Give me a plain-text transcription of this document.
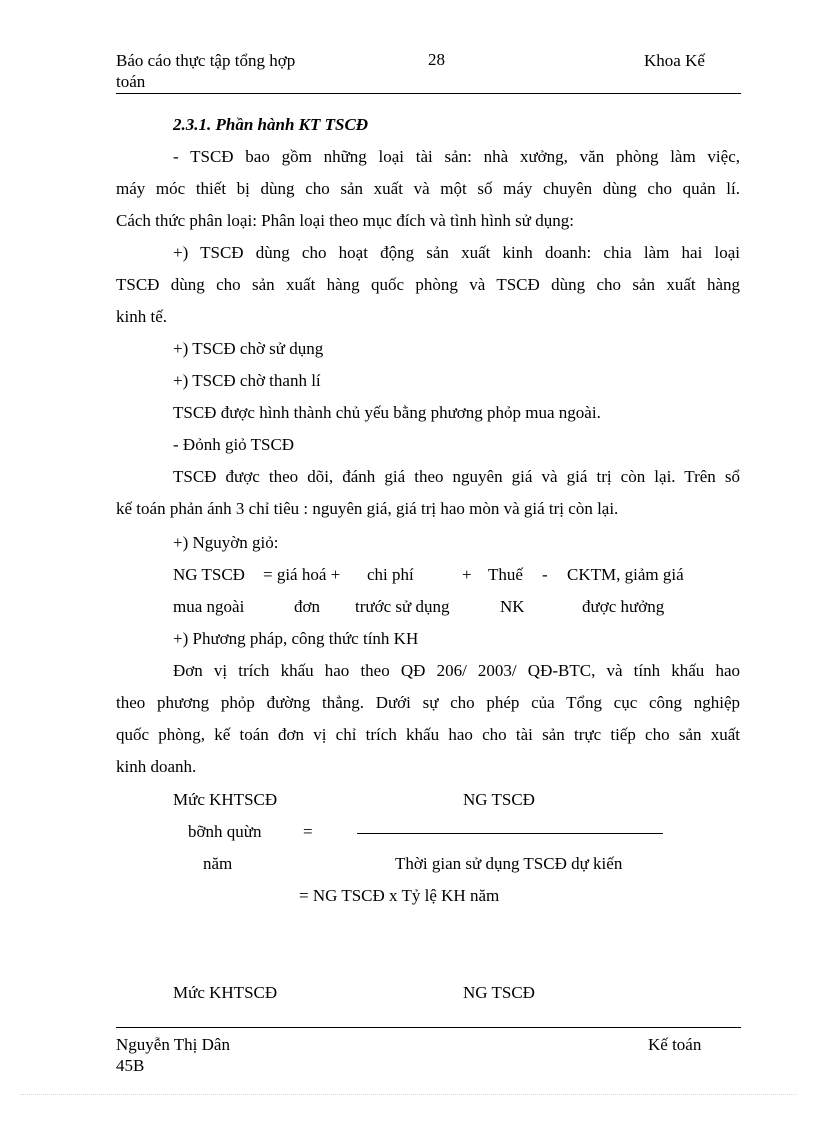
Báo cáo thực tập tổng hợp
toán
28	Khoa Kế
2.3.1. Phần hành KT TSCĐ
- TSCĐ bao gồm những loại tài sản: nhà xưởng, văn phòng làm việc,
máy móc thiết bị dùng cho sản xuất và một số máy chuyên dùng cho quản lí.
Cách thức phân loại: Phân loại theo mục đích và tình hình sử dụng:
+) TSCĐ dùng cho hoạt động sản xuất kinh doanh: chia làm hai loại
TSCĐ dùng cho sản xuất hàng quốc phòng và TSCĐ dùng cho sản xuất hàng
kinh tế.
+) TSCĐ chờ sử dụng
+) TSCĐ chờ thanh lí
TSCĐ được hình thành chủ yếu bằng phương phỏp mua ngoài.
- Đỏnh giỏ TSCĐ
TSCĐ được theo dõi, đánh giá theo nguyên giá và giá trị còn lại. Trên sổ
kế toán phản ánh 3 chỉ tiêu : nguyên giá, giá trị hao mòn và giá trị còn lại.
+) Nguyờn giỏ:
NG TSCĐ = giá hoá + chi phí	+ Thuế - CKTM, giảm giá
mua ngoài	đơn trước sử dụng	NK	được hưởng
+) Phương pháp, công thức tính KH
Đơn vị trích khấu hao theo QĐ 206/ 2003/ QĐ-BTC, và tính khấu hao
theo phương phỏp đường thẳng. Dưới sự cho phép của Tổng cục công nghiệp
quốc phòng, kế toán đơn vị chỉ trích khấu hao cho tài sản trực tiếp cho sản xuất
kinh doanh.
Mức KHTSCĐ
bỡnh quừn
năm
=
NG TSCĐ
Thời gian sử dụng TSCĐ dự kiến
= NG TSCĐ x Tỷ lệ KH năm
Mức KHTSCĐ	NG TSCĐ
Nguyễn Thị Dân
45B
Kế toán
